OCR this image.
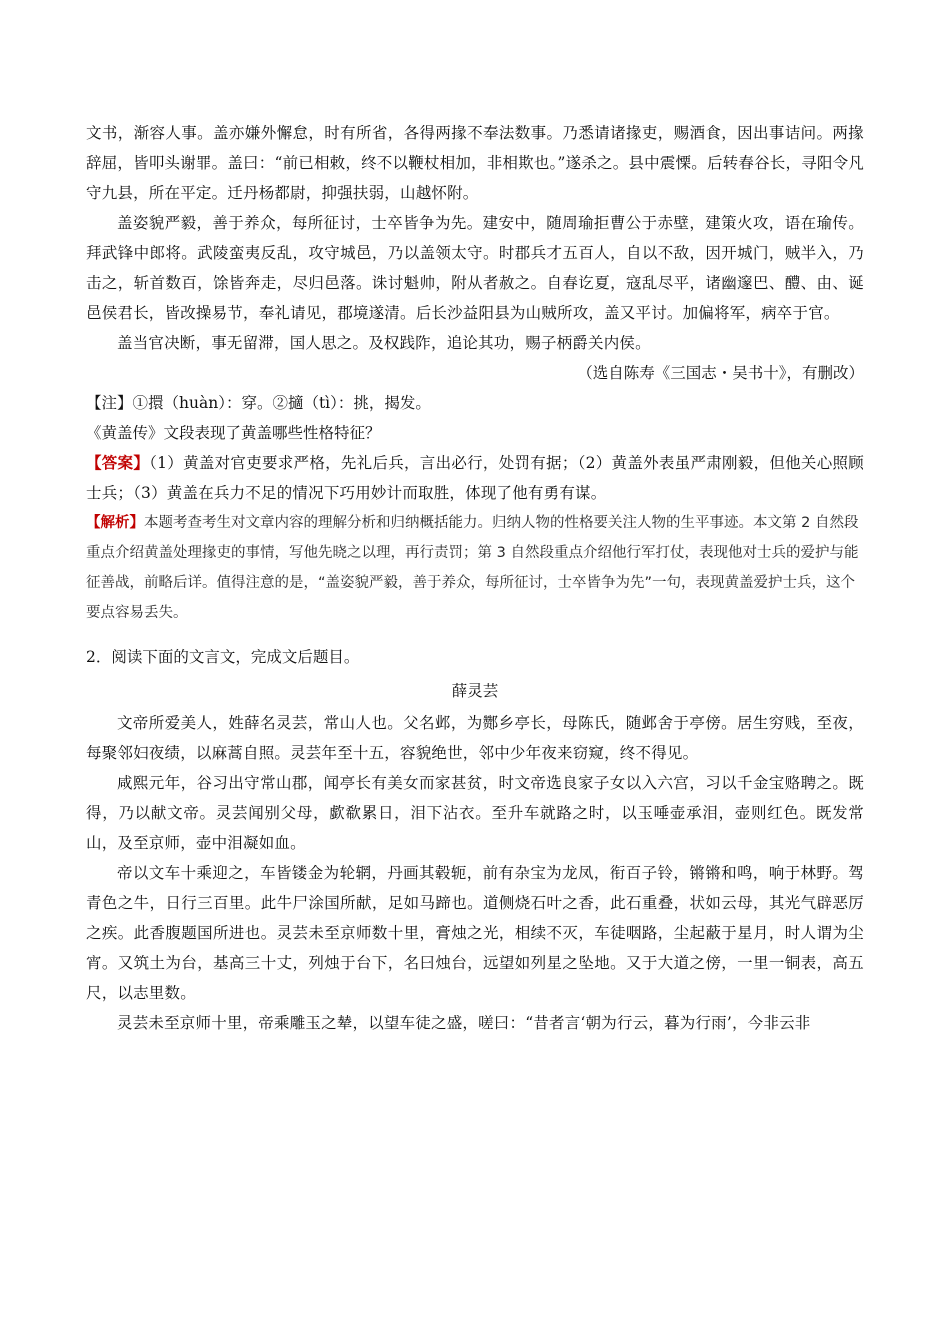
文书，渐容人事。盖亦嫌外懈怠，时有所省，各得两掾不奉法数事。乃悉请诸掾吏，赐酒食，因出事诘问。两掾辞屈，皆叩头谢罪。盖曰：“前已相敕，终不以鞭杖相加，非相欺也。”遂杀之。县中震慄。后转春谷长，寻阳令凡守九县，所在平定。迁丹杨都尉，抑强扶弱，山越怀附。

盖姿貌严毅，善于养众，每所征讨，士卒皆争为先。建安中，随周瑜拒曹公于赤壁，建策火攻，语在瑜传。拜武锋中郎将。武陵蛮夷反乱，攻守城邑，乃以盖领太守。时郡兵才五百人，自以不敌，因开城门，贼半入，乃击之，斩首数百，馀皆奔走，尽归邑落。诛讨魁帅，附从者赦之。自春讫夏，寇乱尽平，诸幽邃巴、醴、由、诞邑侯君长，皆改操易节，奉礼请见，郡境遂清。后长沙益阳县为山贼所攻，盖又平讨。加偏将军，病卒于官。

盖当官决断，事无留滞，国人思之。及权践阼，追论其功，赐子柄爵关内侯。

（选自陈寿《三国志・吴书十》，有删改）

【注】①擐（huàn）：穿。②擿（tì）：挑，揭发。

《黄盖传》文段表现了黄盖哪些性格特征？

【答案】（1）黄盖对官吏要求严格，先礼后兵，言出必行，处罚有据；（2）黄盖外表虽严肃刚毅，但他关心照顾士兵；（3）黄盖在兵力不足的情况下巧用妙计而取胜，体现了他有勇有谋。

【解析】本题考查考生对文章内容的理解分析和归纳概括能力。归纳人物的性格要关注人物的生平事迹。本文第 2 自然段重点介绍黄盖处理掾吏的事情，写他先晓之以理，再行责罚；第 3 自然段重点介绍他行军打仗，表现他对士兵的爱护与能征善战，前略后详。值得注意的是，“盖姿貌严毅，善于养众，每所征讨，士卒皆争为先”一句，表现黄盖爱护士兵，这个要点容易丢失。

2．阅读下面的文言文，完成文后题目。

薛灵芸

文帝所爱美人，姓薛名灵芸，常山人也。父名邺，为酂乡亭长，母陈氏，随邺舍于亭傍。居生穷贱，至夜，每聚邻妇夜绩，以麻蒿自照。灵芸年至十五，容貌绝世，邻中少年夜来窃窥，终不得见。

咸熙元年，谷习出守常山郡，闻亭长有美女而家甚贫，时文帝选良家子女以入六宫，习以千金宝赂聘之。既得，乃以献文帝。灵芸闻别父母，歔欷累日，泪下沾衣。至升车就路之时，以玉唾壶承泪，壶则红色。既发常山，及至京师，壶中泪凝如血。

帝以文车十乘迎之，车皆镂金为轮辋，丹画其毂轭，前有杂宝为龙凤，衔百子铃，锵锵和鸣，响于林野。驾青色之牛，日行三百里。此牛尸涂国所献，足如马蹄也。道侧烧石叶之香，此石重叠，状如云母，其光气辟恶厉之疾。此香腹题国所进也。灵芸未至京师数十里，膏烛之光，相续不灭，车徒咽路，尘起蔽于星月，时人谓为尘宵。又筑土为台，基高三十丈，列烛于台下，名曰烛台，远望如列星之坠地。又于大道之傍，一里一铜表，高五尺，以志里数。

灵芸未至京师十里，帝乘雕玉之辇，以望车徒之盛，嗟曰：“昔者言‘朝为行云，暮为行雨’，今非云非
